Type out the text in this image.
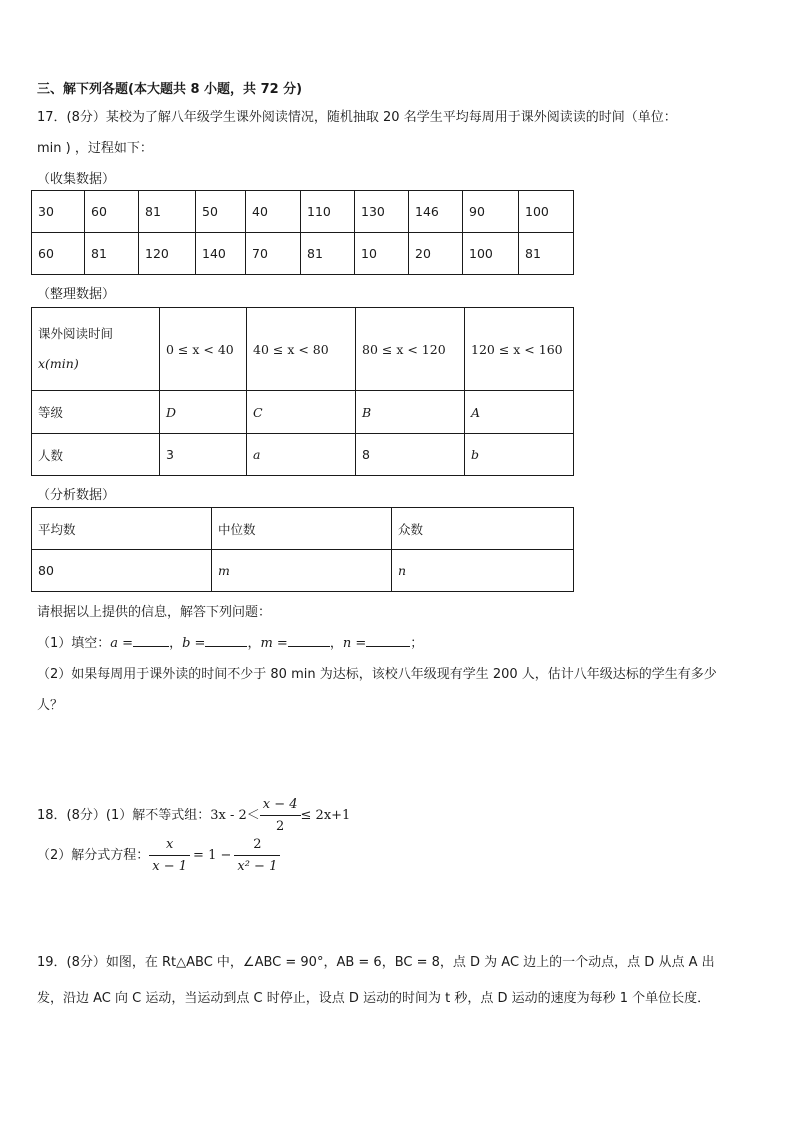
三、解下列各题(本大题共 8 小题，共 72 分)
17．(8分）某校为了解八年级学生课外阅读情况，随机抽取 20 名学生平均每周用于课外阅读读的时间（单位：
min ) ，过程如下：
（收集数据）
30	60	81	50	40	110	130	146	90	100
60	81	120	140	70	81	10	20	100	81
（整理数据）
课外阅读时间
x(min)	0 ≤ x < 40	40 ≤ x < 80	80 ≤ x < 120	120 ≤ x < 160
等级	D	C	B	A
人数	3	a	8	b
（分析数据）
平均数	中位数	众数
80	m	n
请根据以上提供的信息，解答下列问题：
（1）填空：a =	，b =	，m =	，n =	；
（2）如果每周用于课外读的时间不少于 80 min 为达标，该校八年级现有学生 200 人，估计八年级达标的学生有多少
人？
18．(8分）(1）解不等式组：$3x - 2< \frac{x - 4}{2} \le 2x+1$
（2）解分式方程： $\frac{x}{x - 1} = 1 - \frac{2}{\text{x² − 1}}$
19．(8分）如图，在 Rt△ABC 中，∠ABC = 90°，AB = 6，BC = 8，点 D 为 AC 边上的一个动点，点 D 从点 A 出
发，沿边 AC 向 C 运动，当运动到点 C 时停止，设点 D 运动的时间为 t 秒，点 D 运动的速度为每秒 1 个单位长度．
